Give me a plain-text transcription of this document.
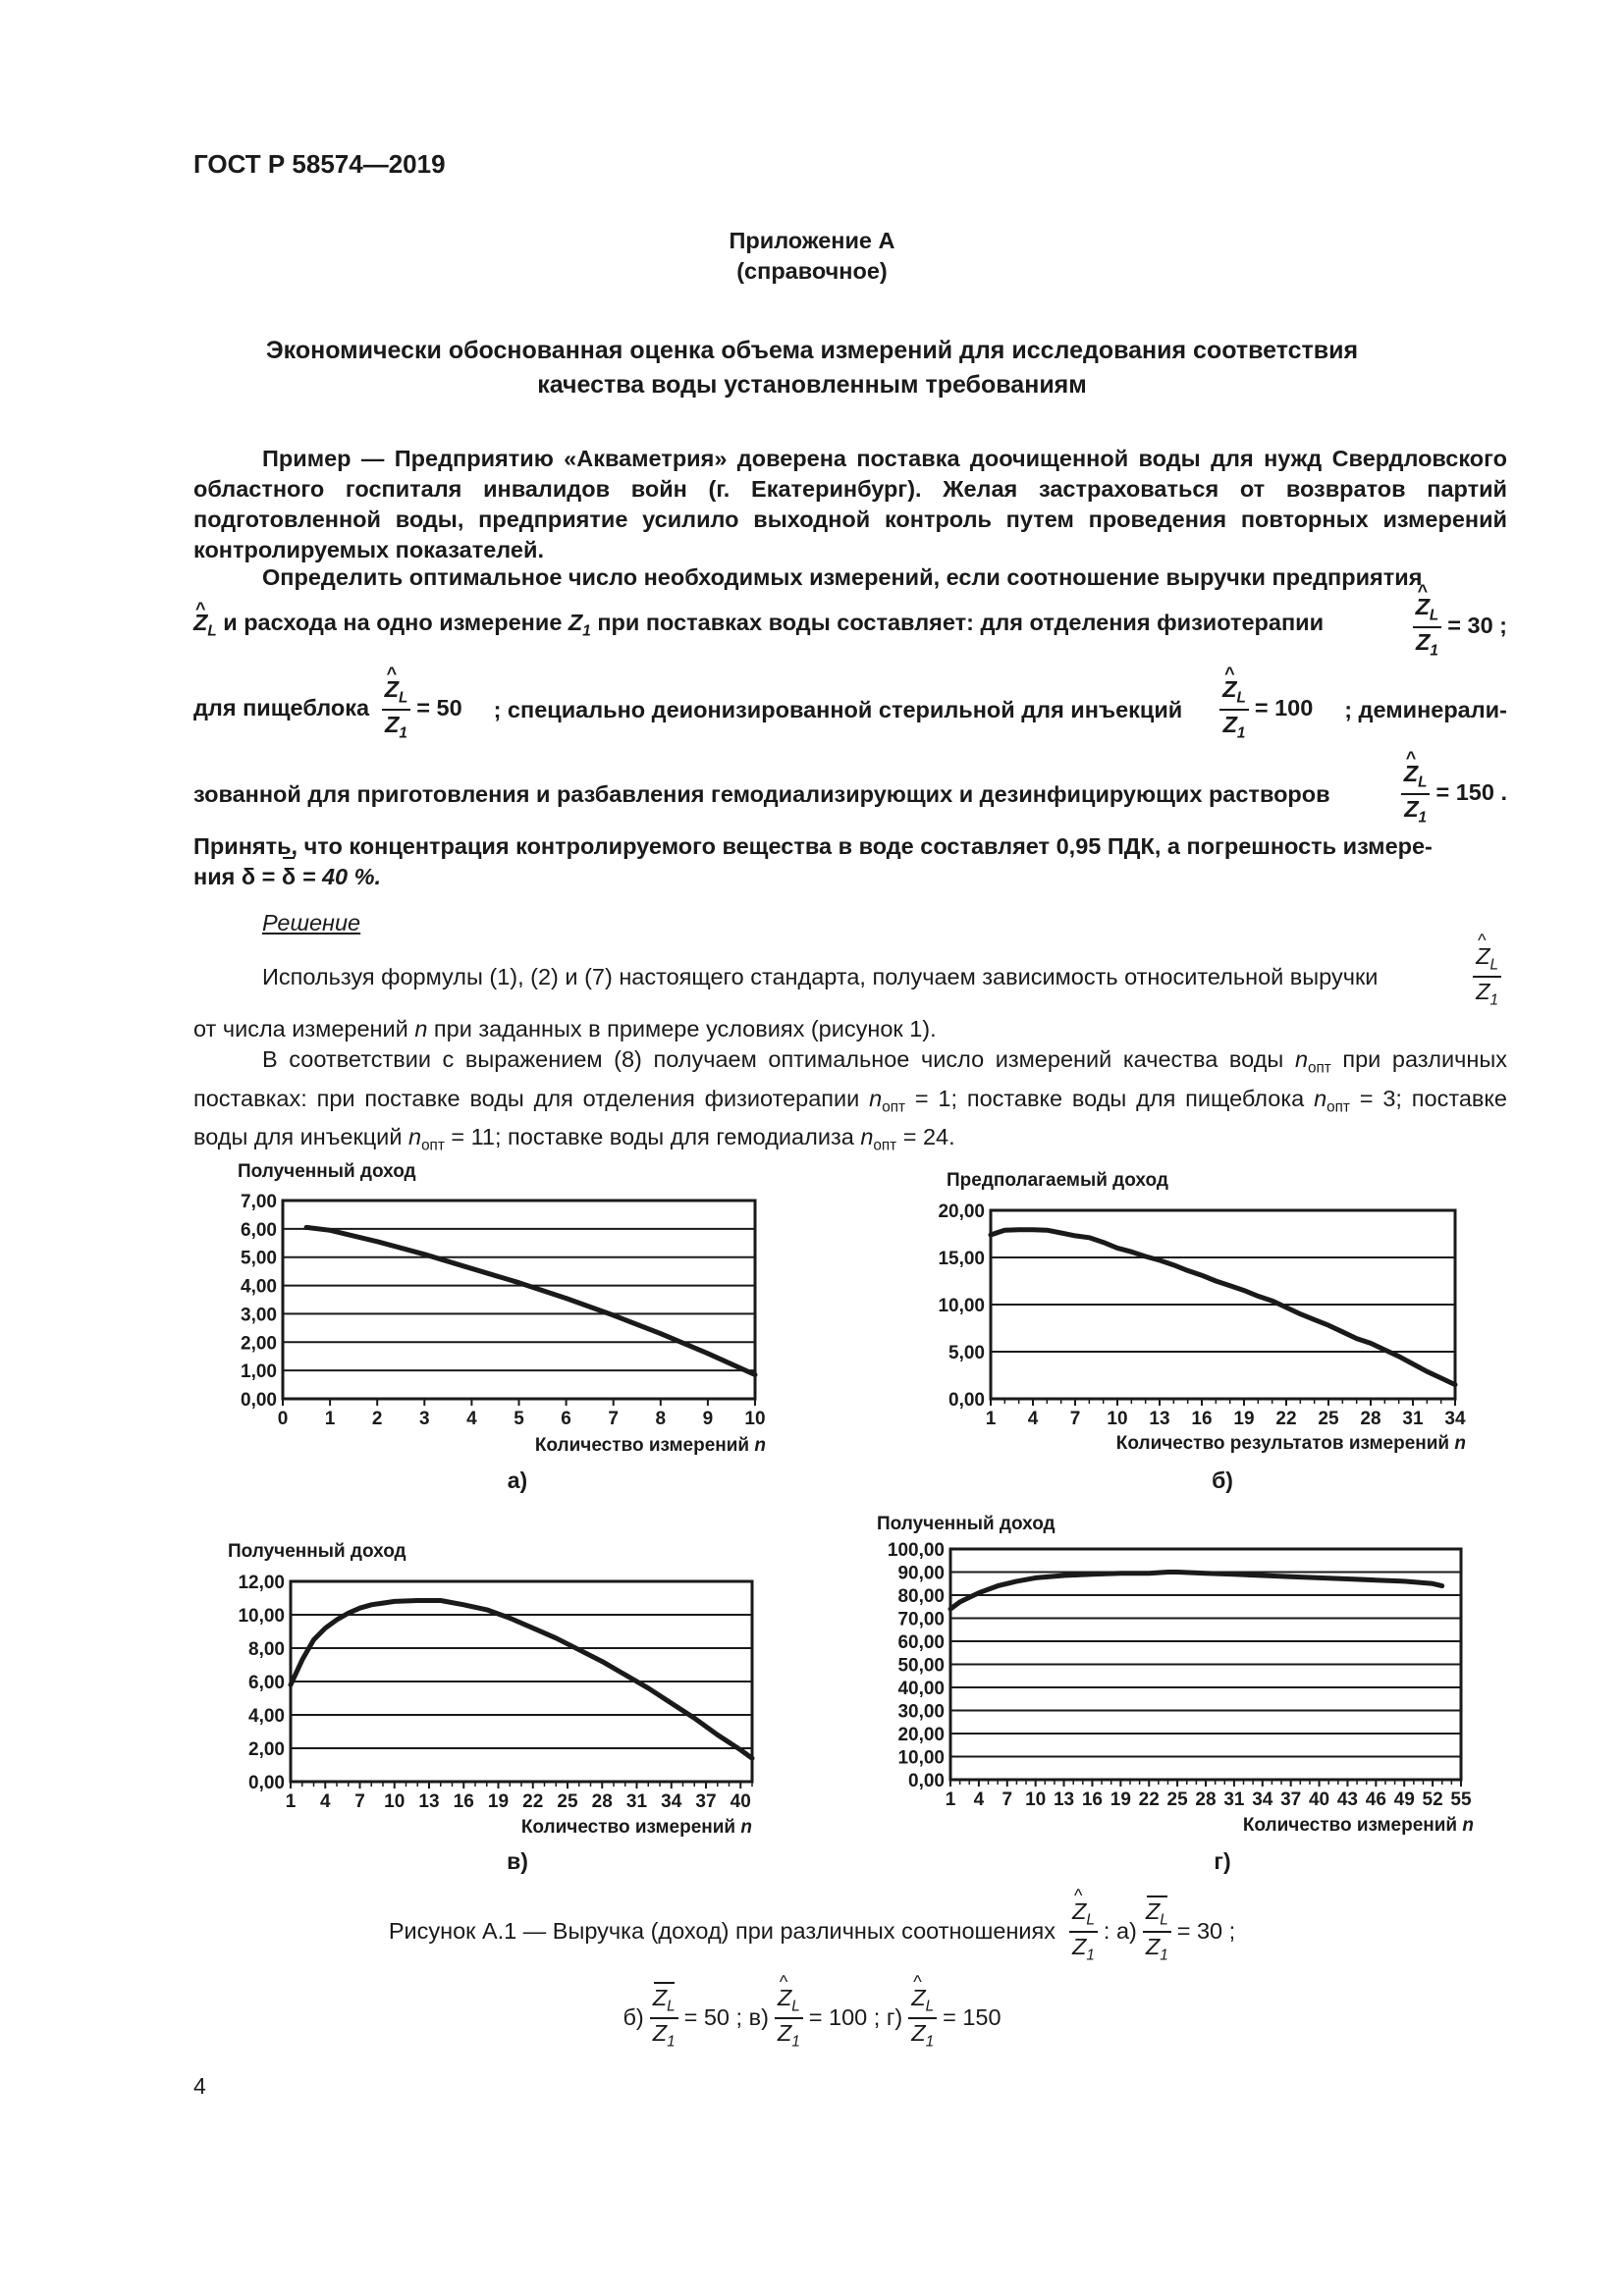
ГОСТ Р 58574—2019
Приложение А
(справочное)
Экономически обоснованная оценка объема измерений для исследования соответствия
качества воды установленным требованиям
Пример — Предприятию «Акваметрия» доверена поставка доочищенной воды для нужд Свердловского областного госпиталя инвалидов войн (г. Екатеринбург). Желая застраховаться от возвратов партий подготовленной воды, предприятие усилило выходной контроль путем проведения повторных измерений контролируемых показателей.
Определить оптимальное число необходимых измерений, если соотношение выручки предприятия
^ $Z_L$ и расхода на одно измерение $Z_1$ при поставках воды составляет: для отделения физиотерапии	^ $\frac{Z_L}{Z_1} = 30$ ;
для пищеблока ^ $\frac{Z_L}{Z_1} = 50$ ; специально деионизированной стерильной для инъекций ^ $\frac{Z_L}{Z_1} = 100$ ; деминерали-
зованной для приготовления и разбавления гемодиализирующих и дезинфицирующих растворов	^ $\frac{Z_L}{Z_1} = 150$ .
Принять, что концентрация контролируемого вещества в воде составляет 0,95 ПДК, а погрешность измере-
ния δ = δ = 40 %.
Решение
Используя формулы (1), (2) и (7) настоящего стандарта, получаем зависимость относительной выручки	^ $\frac{Z_L}{Z_1}$
от числа измерений n при заданных в примере условиях (рисунок 1).
В соответствии с выражением (8) получаем оптимальное число измерений качества воды $n_{опт}$ при различных поставках: при поставке воды для отделения физиотерапии $n_{опт} = 1$; поставке воды для пищеблока $n_{опт} = 3$; поставке воды для инъекций $n_{опт} = 11$; поставке воды для гемодиализа $n_{опт} = 24$.
0,00
1,00
2,00
3,00
4,00
5,00
6,00
7,00
0 1 2 3 4 5 6 7 8 9 10
Полученный доход
Количество измерений n
а)
0,00
5,00
10,00
15,00
20,00
1 4 7 10 13 16 19 22 25 28 31 34
Предполагаемый доход
Количество результатов измерений n
б)
0,00
2,00
4,00
6,00
8,00
10,00
12,00
1 4 7 10 13 16 19 22 25 28 31 34 37 40
Полученный доход
Количество измерений n
в)
0,00
10,00
20,00
30,00
40,00
50,00
60,00
70,00
80,00
90,00
100,00
1 4 7 10 13 16 19 22 25 28 31 34 37 40 43 46 49 52 55
Полученный доход
Количество измерений n
г)
Рисунок А.1 — Выручка (доход) при различных соотношениях ^ $\frac{Z_L}{Z_1}$ : $а) \frac{Z_L}{Z_1} = 30$ ;
$б) \frac{Z_L}{Z_1} = 50$ ; в) ^ $\frac{Z_L}{Z_1} = 100$ ; г) ^ $\frac{Z_L}{Z_1} = 150$
4
